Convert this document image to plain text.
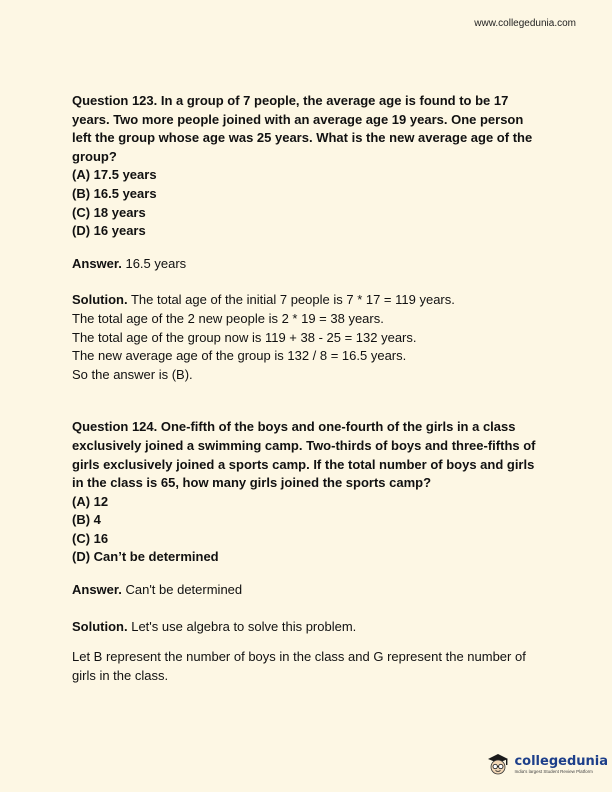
www.collegedunia.com

Question 123. In a group of 7 people, the average age is found to be 17 years. Two more people joined with an average age 19 years. One person left the group whose age was 25 years. What is the new average age of the group?

(A) 17.5 years
(B) 16.5 years
(C) 18 years
(D) 16 years

Answer. 16.5 years

Solution. The total age of the initial 7 people is 7 * 17 = 119 years.
The total age of the 2 new people is 2 * 19 = 38 years.
The total age of the group now is 119 + 38 - 25 = 132 years.
The new average age of the group is 132 / 8 = 16.5 years.
So the answer is (B).

Question 124. One-fifth of the boys and one-fourth of the girls in a class exclusively joined a swimming camp. Two-thirds of boys and three-fifths of girls exclusively joined a sports camp. If the total number of boys and girls in the class is 65, how many girls joined the sports camp?

(A) 12
(B) 4
(C) 16
(D) Can’t be determined

Answer. Can't be determined

Solution. Let's use algebra to solve this problem.

Let B represent the number of boys in the class and G represent the number of girls in the class.

collegedunia
India's largest Student Review Platform
